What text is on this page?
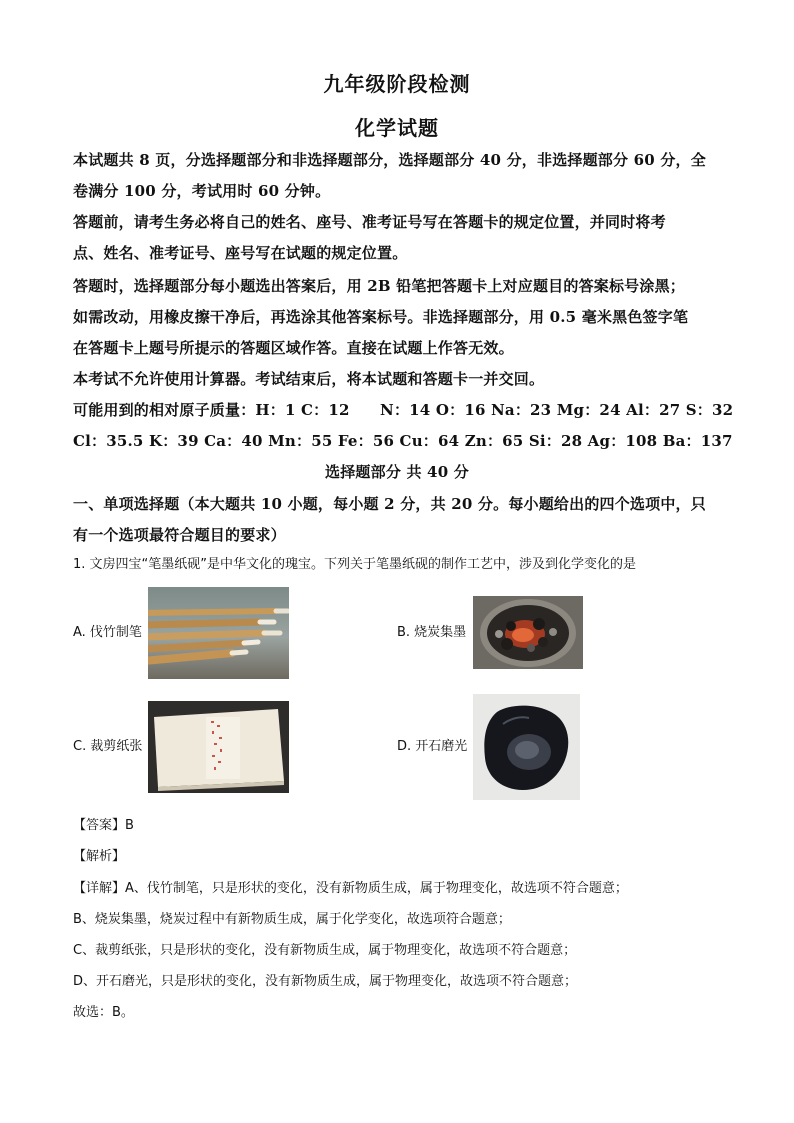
九年级阶段检测
化学试题
本试题共 8 页，分选择题部分和非选择题部分，选择题部分 40 分，非选择题部分 60 分，全
卷满分 100 分，考试用时 60 分钟。
答题前，请考生务必将自己的姓名、座号、准考证号写在答题卡的规定位置，并同时将考
点、姓名、准考证号、座号写在试题的规定位置。
答题时，选择题部分每小题选出答案后，用 2B 铅笔把答题卡上对应题目的答案标号涂黑；
如需改动，用橡皮擦干净后，再选涂其他答案标号。非选择题部分，用 0.5 毫米黑色签字笔
在答题卡上题号所提示的答题区域作答。直接在试题上作答无效。
本考试不允许使用计算器。考试结束后，将本试题和答题卡一并交回。
可能用到的相对原子质量：H：1 C：12　　N：14 O：16 Na：23 Mg：24 Al：27 S：32
Cl：35.5 K：39 Ca：40 Mn：55 Fe：56 Cu：64 Zn：65 Si：28 Ag：108 Ba：137
选择题部分 共 40 分
一、单项选择题（本大题共 10 小题，每小题 2 分，共 20 分。每小题给出的四个选项中，只
有一个选项最符合题目的要求）
1. 文房四宝“笔墨纸砚”是中华文化的瑰宝。下列关于笔墨纸砚的制作工艺中，涉及到化学变化的是
A. 伐竹制笔	B. 烧炭集墨
C. 裁剪纸张	D. 开石磨光
【答案】B
【解析】
【详解】A、伐竹制笔，只是形状的变化，没有新物质生成，属于物理变化，故选项不符合题意；
B、烧炭集墨，烧炭过程中有新物质生成，属于化学变化，故选项符合题意；
C、裁剪纸张，只是形状的变化，没有新物质生成，属于物理变化，故选项不符合题意；
D、开石磨光，只是形状的变化，没有新物质生成，属于物理变化，故选项不符合题意；
故选：B。
